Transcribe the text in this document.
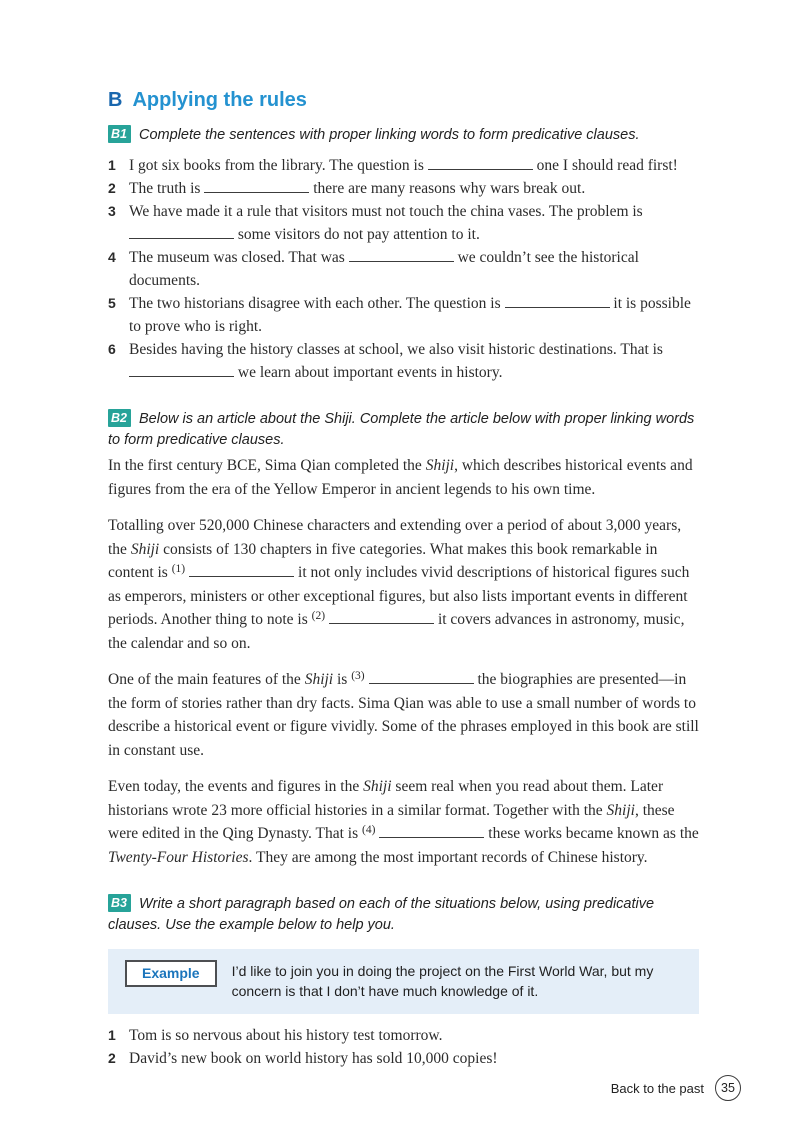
B Applying the rules
B1 Complete the sentences with proper linking words to form predicative clauses.
1 I got six books from the library. The question is	one I should read first!
2 The truth is	there are many reasons why wars break out.
3 We have made it a rule that visitors must not touch the china vases. The problem is  some visitors do not pay attention to it.
4 The museum was closed. That was	we couldn’t see the historical documents.
5 The two historians disagree with each other. The question is	it is possible to prove who is right.
6 Besides having the history classes at school, we also visit historic destinations. That is  we learn about important events in history.
B2 Below is an article about the Shiji. Complete the article below with proper linking words to form predicative clauses.
In the first century BCE, Sima Qian completed the Shiji, which describes historical events and figures from the era of the Yellow Emperor in ancient legends to his own time.
Totalling over 520,000 Chinese characters and extending over a period of about 3,000 years, the Shiji consists of 130 chapters in five categories. What makes this book remarkable in content is $^{(1)}$	it not only includes vivid descriptions of historical figures such as emperors, ministers or other exceptional figures, but also lists important events in different periods. Another thing to note is $^{(2)}$	it covers advances in astronomy, music, the calendar and so on.
One of the main features of the Shiji is $^{(3)}$	the biographies are presented—in the form of stories rather than dry facts. Sima Qian was able to use a small number of words to describe a historical event or figure vividly. Some of the phrases employed in this book are still in constant use.
Even today, the events and figures in the Shiji seem real when you read about them. Later historians wrote 23 more official histories in a similar format. Together with the Shiji, these were edited in the Qing Dynasty. That is $^{(4)}$	these works became known as the Twenty-Four Histories. They are among the most important records of Chinese history.
B3 Write a short paragraph based on each of the situations below, using predicative clauses. Use the example below to help you.
Example	I’d like to join you in doing the project on the First World War, but my concern is that I don’t have much knowledge of it.
1 Tom is so nervous about his history test tomorrow.
2 David’s new book on world history has sold 10,000 copies!
Back to the past	35
